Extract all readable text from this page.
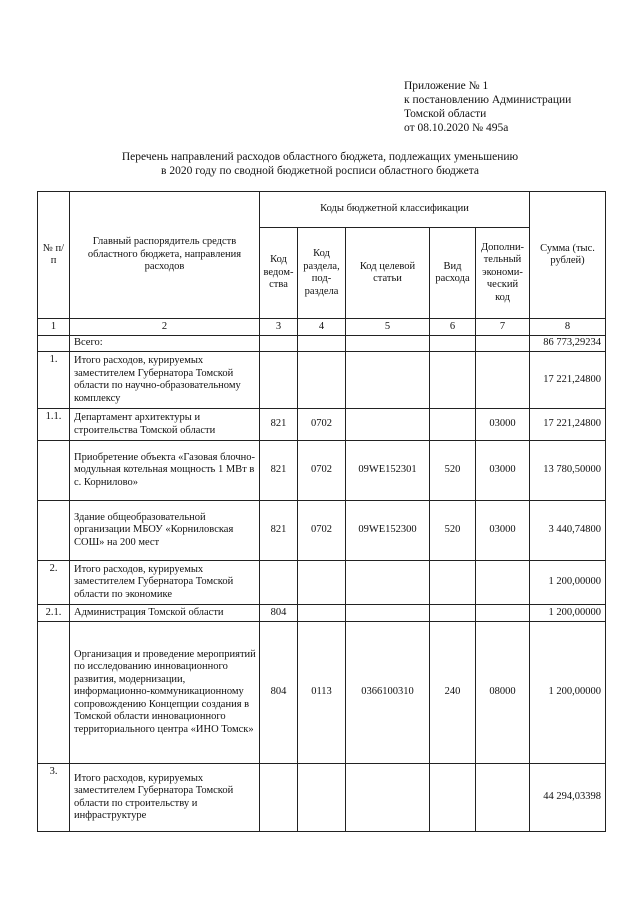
Приложение № 1
к постановлению Администрации
Томской области
от 08.10.2020 № 495а
Перечень направлений расходов областного бюджета, подлежащих уменьшению
в 2020 году по сводной бюджетной росписи областного бюджета
№ п/п	Главный распорядитель средств областного бюджета, направления расходов	Коды бюджетной классификации					Сумма (тыс. рублей)
		Код ведом-ства	Код раздела, под-раздела	Код целевой статьи	Вид расхода	Дополни-тельный экономи-ческий код	
1	2	3	4	5	6	7	8
	Всего:						86 773,29234
1.	Итого расходов, курируемых заместителем Губернатора Томской области по научно-образовательному комплексу						17 221,24800
1.1.	Департамент архитектуры и строительства Томской области	821	0702			03000	17 221,24800
	Приобретение объекта «Газовая блочно-модульная котельная мощность 1 МВт в с. Корнилово»	821	0702	09WE152301	520	03000	13 780,50000
	Здание общеобразовательной организации МБОУ «Корниловская СОШ» на 200 мест	821	0702	09WE152300	520	03000	3 440,74800
2.	Итого расходов, курируемых заместителем Губернатора Томской области по экономике						1 200,00000
2.1.	Администрация Томской области	804					1 200,00000
	Организация и проведение мероприятий по исследованию инновационного развития, модернизации, информационно-коммуникационному сопровождению Концепции создания в Томской области инновационного территориального центра «ИНО Томск»	804	0113	0366100310	240	08000	1 200,00000
3.	Итого расходов, курируемых заместителем Губернатора Томской области по строительству и инфраструктуре						44 294,03398
